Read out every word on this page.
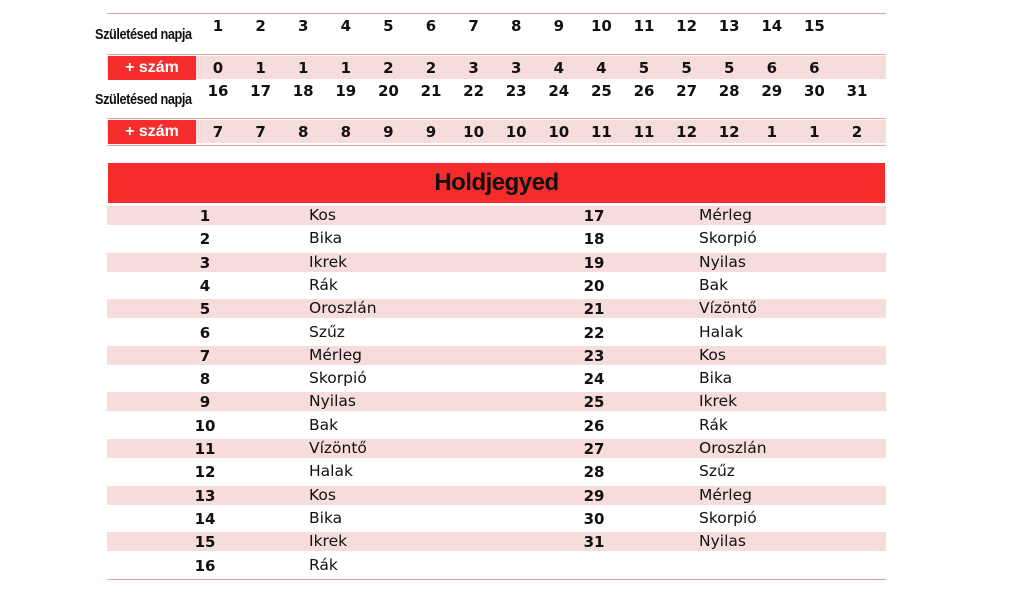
Születésed napja	1	2	3	4	5	6	7	8	9	10	11	12	13	14	15
+ szám	0	1	1	1	2	2	3	3	4	4	5	5	5	6	6
Születésed napja	16	17	18	19	20	21	22	23	24	25	26	27	28	29	30	31
+ szám	7	7	8	8	9	9	10	10	10	11	11	12	12	1	1	2
Holdjegyed
1	Kos
2	Bika
3	Ikrek
4	Rák
5	Oroszlán
6	Szűz
7	Mérleg
8	Skorpió
9	Nyilas
10	Bak
11	Vízöntő
12	Halak
13	Kos
14	Bika
15	Ikrek
16	Rák
17	Mérleg
18	Skorpió
19	Nyilas
20	Bak
21	Vízöntő
22	Halak
23	Kos
24	Bika
25	Ikrek
26	Rák
27	Oroszlán
28	Szűz
29	Mérleg
30	Skorpió
31	Nyilas
